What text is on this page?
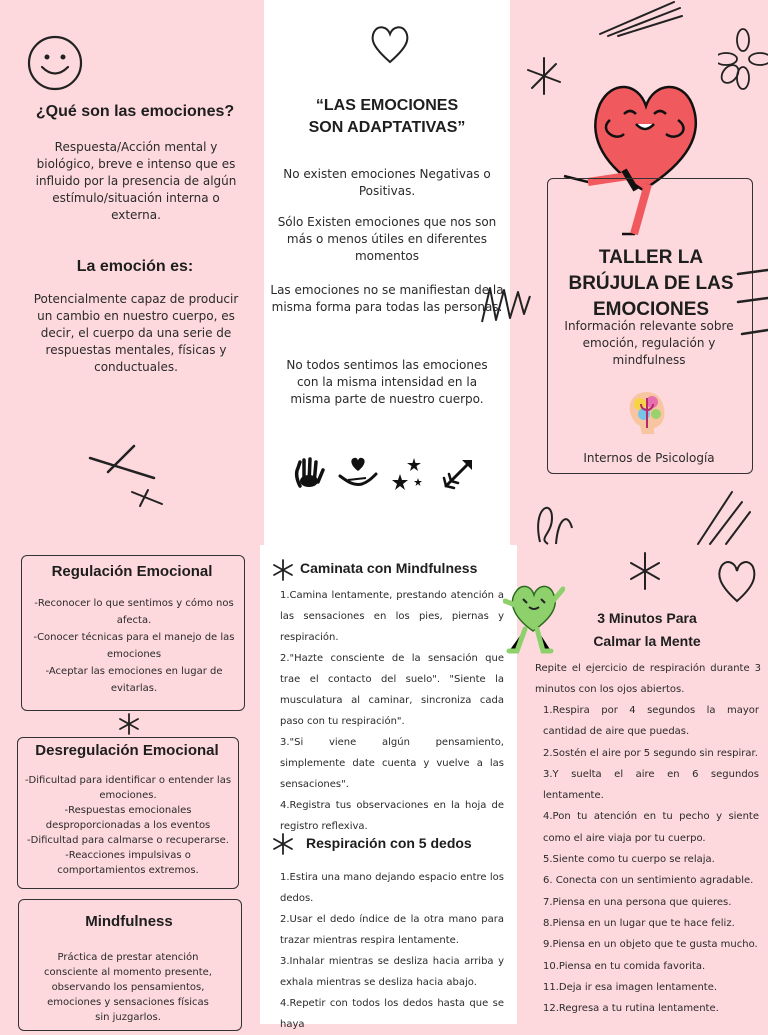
¿Qué son las emociones?
Respuesta/Acción mental y biológico, breve e intenso que es influido por la presencia de algún estímulo/situación interna o externa.
La emoción es:
Potencialmente capaz de producir un cambio en nuestro cuerpo, es decir, el cuerpo da una serie de respuestas mentales, físicas y conductuales.
“LAS EMOCIONES SON ADAPTATIVAS”
No existen emociones Negativas o Positivas.
Sólo Existen emociones que nos son más o menos útiles en diferentes momentos
Las emociones no se manifiestan de la misma forma para todas las personas.
No todos sentimos las emociones con la misma intensidad en la misma parte de nuestro cuerpo.
TALLER LA BRÚJULA DE LAS EMOCIONES
Información relevante sobre emoción, regulación y mindfulness
Internos de Psicología
Regulación Emocional
-Reconocer lo que sentimos y cómo nos afecta.
-Conocer técnicas para el manejo de las emociones
-Aceptar las emociones en lugar de evitarlas.
Desregulación Emocional
-Dificultad para identificar o entender las emociones.
-Respuestas emocionales desproporcionadas a los eventos
-Dificultad para calmarse o recuperarse.
-Reacciones impulsivas o comportamientos extremos.
Mindfulness
Práctica de prestar atención consciente al momento presente, observando los pensamientos, emociones y sensaciones físicas sin juzgarlos.
Caminata con Mindfulness
1.Camina lentamente, prestando atención a las sensaciones en los pies, piernas y respiración.
2."Hazte consciente de la sensación que trae el contacto del suelo". "Siente la musculatura al caminar, sincroniza cada paso con tu respiración".
3."Si viene algún pensamiento, simplemente date cuenta y vuelve a las sensaciones".
4.Registra tus observaciones en la hoja de registro reflexiva.
Respiración con 5 dedos
1.Estira una mano dejando espacio entre los dedos.
2.Usar el dedo índice de la otra mano para trazar mientras respira lentamente.
3.Inhalar mientras se desliza hacia arriba y exhala mientras se desliza hacia abajo.
4.Repetir con todos los dedos hasta que se haya
3 Minutos Para Calmar la Mente
Repite el ejercicio de respiración durante 3 minutos con los ojos abiertos.
1.Respira por 4 segundos la mayor cantidad de aire que puedas.
2.Sostén el aire por 5 segundo sin respirar.
3.Y suelta el aire en 6 segundos lentamente.
4.Pon tu atención en tu pecho y siente como el aire viaja por tu cuerpo.
5.Siente como tu cuerpo se relaja.
6. Conecta con un sentimiento agradable.
7.Piensa en una persona que quieres.
8.Piensa en un lugar que te hace feliz.
9.Piensa en un objeto que te gusta mucho.
10.Piensa en tu comida favorita.
11.Deja ir esa imagen lentamente.
12.Regresa a tu rutina lentamente.
